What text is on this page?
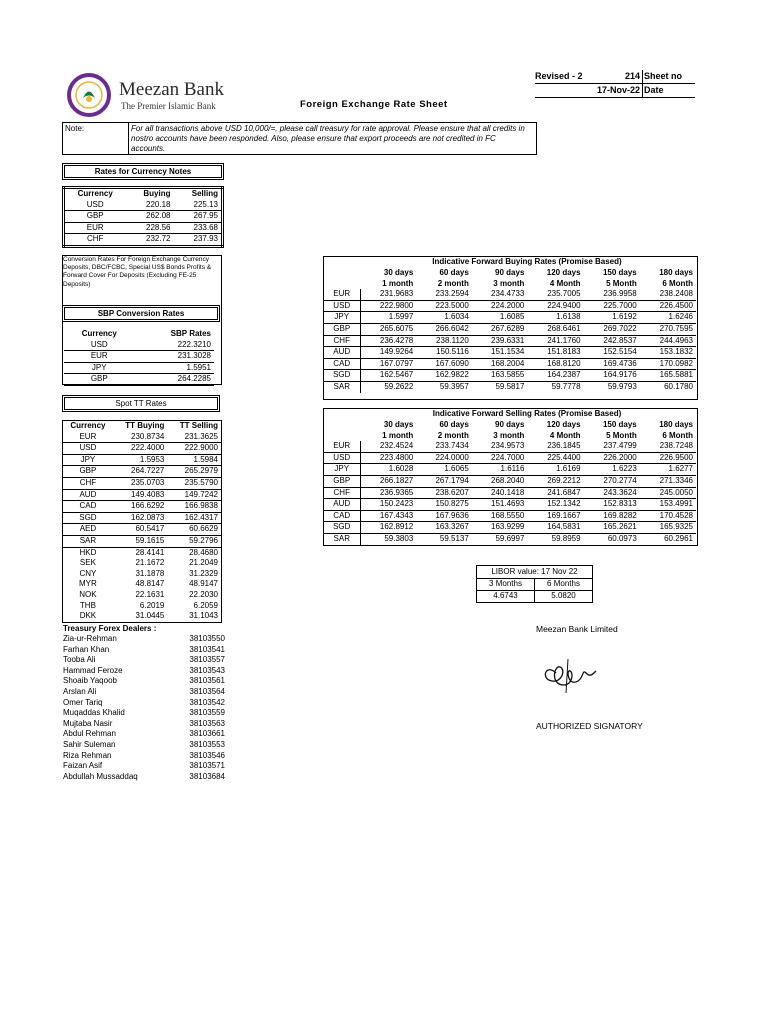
Meezan Bank
The Premier Islamic Bank	Foreign Exchange Rate Sheet
Revised - 2	214 Sheet no
17-Nov-22 Date
Note:	For all transactions above USD 10,000/=, please call treasury for rate approval. Please ensure that all credits in nostro accounts have been responded. Also, please ensure that export proceeds are not credited in FC accounts.
Rates for Currency Notes
Currency	Buying	Selling
USD	220.18	225.13
GBP	262.08	267.95
EUR	228.56	233.68
CHF	232.72	237.93
Conversion Rates For Foreign Exchange Currency Deposits, DBC/FCBC, Special US$ Bonds Profits & Forward Cover For Deposits (Excluding FE-25 Deposits)
SBP Conversion Rates
Currency	SBP Rates
USD	222.3210
EUR	231.3028
JPY	1.5951
GBP	264.2285
Spot TT Rates
Currency	TT Buying	TT Selling
EUR	230.8734	231.3625
USD	222.4000	222.9000
JPY	1.5953	1.5984
GBP	264.7227	265.2979
CHF	235.0703	235.5790
AUD	149.4083	149.7242
CAD	166.6292	166.9838
SGD	162.0873	162.4317
AED	60.5417	60.6629
SAR	59.1615	59.2796
HKD	28.4141	28.4680
SEK	21.1672	21.2049
CNY	31.1878	31.2329
MYR	48.8147	48.9147
NOK	22.1631	22.2030
THB	6.2019	6.2059
DKK	31.0445	31.1043
Treasury Forex Dealers :
Zia-ur-Rehman	38103550
Farhan Khan	38103541
Tooba Ali	38103557
Hammad Feroze	38103543
Shoaib Yaqoob	38103561
Arslan Ali	38103564
Omer Tariq	38103542
Muqaddas Khalid	38103559
Mujtaba Nasir	38103563
Abdul Rehman	38103661
Sahir Suleman	38103553
Riza Rehman	38103546
Faizan Asif	38103571
Abdullah Mussaddaq	38103684
Indicative Forward Buying Rates (Promise Based)
	30 days	60 days	90 days	120 days	150 days	180 days
	1 month	2 month	3 month	4 Month	5 Month	6 Month
EUR	231.9683	233.2594	234.4733	235.7005	236.9958	238.2408
USD	222.9800	223.5000	224.2000	224.9400	225.7000	226.4500
JPY	1.5997	1.6034	1.6085	1.6138	1.6192	1.6246
GBP	265.6075	266.6042	267.6289	268.6461	269.7022	270.7595
CHF	236.4278	238.1120	239.6331	241.1760	242.8537	244.4963
AUD	149.9264	150.5116	151.1534	151.8183	152.5154	153.1832
CAD	167.0797	167.6090	168.2004	168.8120	169.4736	170.0982
SGD	162.5467	162.9822	163.5855	164.2387	164.9176	165.5881
SAR	59.2622	59.3957	59.5817	59.7778	59.9793	60.1780
Indicative Forward Selling Rates (Promise Based)
	30 days	60 days	90 days	120 days	150 days	180 days
	1 month	2 month	3 month	4 Month	5 Month	6 Month
EUR	232.4524	233.7434	234.9573	236.1845	237.4799	238.7248
USD	223.4800	224.0000	224.7000	225.4400	226.2000	226.9500
JPY	1.6028	1.6065	1.6116	1.6169	1.6223	1.6277
GBP	266.1827	267.1794	268.2040	269.2212	270.2774	271.3346
CHF	236.9365	238.6207	240.1418	241.6847	243.3624	245.0050
AUD	150.2423	150.8275	151.4693	152.1342	152.8313	153.4991
CAD	167.4343	167.9636	168.5550	169.1667	169.8282	170.4528
SGD	162.8912	163.3267	163.9299	164.5831	165.2621	165.9325
SAR	59.3803	59.5137	59.6997	59.8959	60.0973	60.2961
LIBOR value: 17 Nov 22
3 Months	6 Months
4.6743	5.0820
Meezan Bank Limited
AUTHORIZED SIGNATORY
